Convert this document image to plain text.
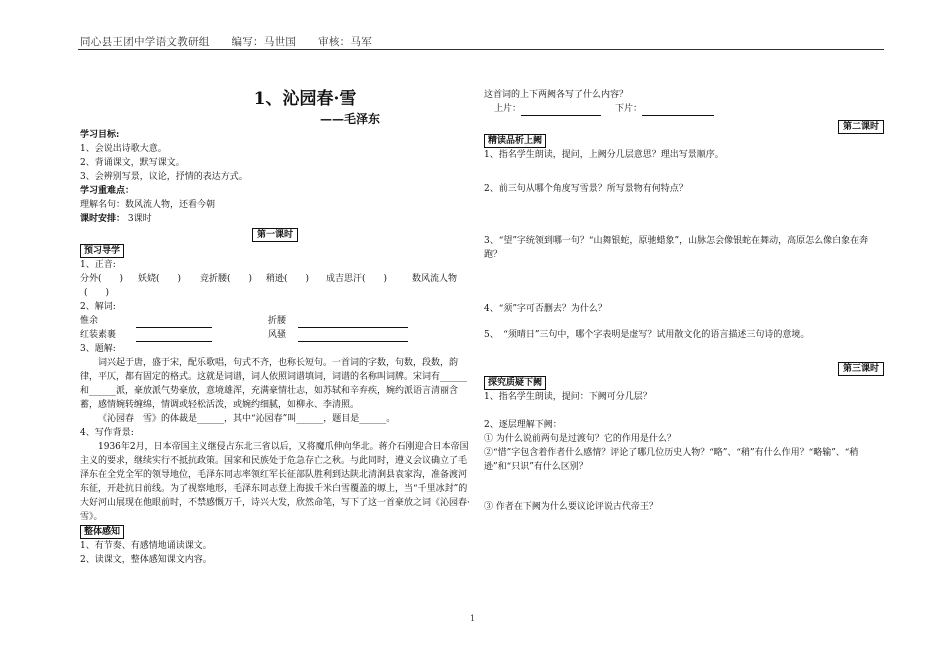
同心县王团中学语文教研组 编写：马世国 审核：马军
1、沁园春·雪
——毛泽东

学习目标:

1、会说出诗歌大意。

2、背诵课文，默写课文。

3、会辨别写景，议论，抒情的表达方式。

学习重难点：

理解名句：数风流人物，还看今朝

课时安排： 3课时

第一课时

预习导学

1、正音:

分外(　　) 妖娆(　　) 竞折腰(　　) 稍逊(　　) 成吉思汗(　　)	数风流人物

(　　)

2、解词:

惟余	折腰

红装素裹	风骚

3、题解:

词兴起于唐，盛于宋，配乐歌唱，句式不齐，也称长短句。一首词的字数，句数，段数，韵律，平仄，都有固定的格式。这就是词谱，词人依照词谱填词，词谱的名称叫词牌。宋词有______和______派，豪放派气势豪放，意境雄浑，充满豪情壮志，如苏轼和辛弃疾，婉约派语言清丽含蓄，感情婉转缠绵，情调或轻松活泼，或婉约细腻，如柳永、李清照。

《沁园春　雪》的体裁是______，其中“沁园春”叫______，题目是______。

4、写作背景:

1936年2月，日本帝国主义继侵占东北三省以后，又将魔爪伸向华北。蒋介石刚迎合日本帝国主义的要求，继续实行不抵抗政策。国家和民族处于危急存亡之秋。与此同时，遵义会议确立了毛泽东在全党全军的领导地位，毛泽东同志率领红军长征部队胜利到达陕北清涧县袁家沟，准备渡河东征，开赴抗日前线。为了视察地形，毛泽东同志登上海拔千米白雪覆盖的塬上，当“千里冰封”的大好河山展现在他眼前时，不禁感慨万千，诗兴大发，欣然命笔，写下了这一首豪放之词《沁园春·雪》。

整体感知

1、有节奏、有感情地诵读课文。

2、读课文，整体感知课文内容。

这首词的上下两阙各写了什么内容？

上片：	下片：

第二课时

精读品析上阙

1、指名学生朗读，提问，上阙分几层意思？理出写景顺序。

2、前三句从哪个角度写雪景？所写景物有何特点？

3、“望”字统领到哪一句？“山舞银蛇，原驰蜡象”，山脉怎会像银蛇在舞动，高原怎么像白象在奔跑？

4、“须”字可否删去？为什么？

5、　“须晴日”三句中，哪个字表明是虚写？试用散文化的语言描述三句诗的意境。

第三课时

探究质疑下阙

1、指名学生朗读，提问：下阙可分几层？

2、逐层理解下阙：

① 为什么说前两句是过渡句？它的作用是什么？

②“惜”字包含着作者什么感情？评论了哪几位历史人物？“略”、“稍”有什么作用？“略输”、“稍逊”和“只识”有什么区别？

③ 作者在下阙为什么要议论评说古代帝王？

1
